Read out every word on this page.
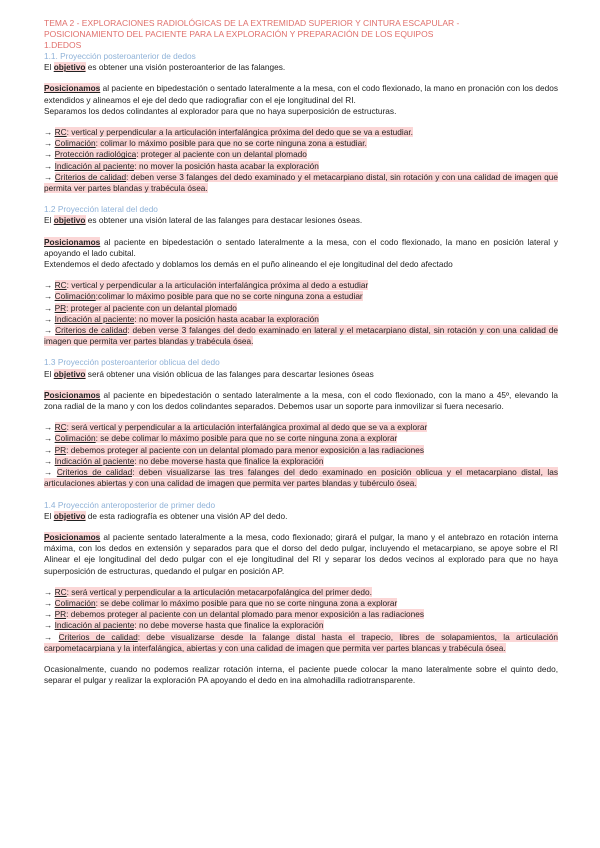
TEMA 2 - EXPLORACIONES RADIOLÓGICAS DE LA EXTREMIDAD SUPERIOR Y CINTURA ESCAPULAR -
POSICIONAMIENTO DEL PACIENTE PARA LA EXPLORACIÓN Y PREPARACIÓN DE LOS EQUIPOS
1.DEDOS
1.1. Proyección posteroanterior de dedos

El objetivo es obtener una visión posteroanterior de las falanges.

Posicionamos al paciente en bipedestación o sentado lateralmente a la mesa, con el codo flexionado, la mano en pronación con los dedos extendidos y alineamos el eje del dedo que radiografiar con el eje longitudinal del RI.

Separamos los dedos colindantes al explorador para que no haya superposición de estructuras.

→ RC: vertical y perpendicular a la articulación interfalángica próxima del dedo que se va a estudiar.

→ Colimación: colimar lo máximo posible para que no se corte ninguna zona a estudiar.

→ Protección radiológica: proteger al paciente con un delantal plomado

→ Indicación al paciente: no mover la posición hasta acabar la exploración

→ Criterios de calidad: deben verse 3 falanges del dedo examinado y el metacarpiano distal, sin rotación y con una calidad de imagen que permita ver partes blandas y trabécula ósea.

1.2 Proyección lateral del dedo

El objetivo es obtener una visión lateral de las falanges para destacar lesiones óseas.

Posicionamos al paciente en bipedestación o sentado lateralmente a la mesa, con el codo flexionado, la mano en posición lateral y apoyando el lado cubital.

Extendemos el dedo afectado y doblamos los demás en el puño alineando el eje longitudinal del dedo afectado

→ RC: vertical y perpendicular a la articulación interfalángica próxima al dedo a estudiar

→ Colimación:colimar lo máximo posible para que no se corte ninguna zona a estudiar

→ PR: proteger al paciente con un delantal plomado

→ Indicación al paciente: no mover la posición hasta acabar la exploración

→ Criterios de calidad: deben verse 3 falanges del dedo examinado en lateral y el metacarpiano distal, sin rotación y con una calidad de imagen que permita ver partes blandas y trabécula ósea.

1.3 Proyección posteroanterior oblicua del dedo

El objetivo será obtener una visión oblicua de las falanges para descartar lesiones óseas

Posicionamos al paciente en bipedestación o sentado lateralmente a la mesa, con el codo flexionado, con la mano a 45º, elevando la zona radial de la mano y con los dedos colindantes separados. Debemos usar un soporte para inmovilizar si fuera necesario.

→ RC: será vertical y perpendicular a la articulación interfalángica proximal al dedo que se va a explorar

→ Colimación: se debe colimar lo máximo posible para que no se corte ninguna zona a explorar

→ PR: debemos proteger al paciente con un delantal plomado para menor exposición a las radiaciones

→ Indicación al paciente: no debe moverse hasta que finalice la exploración

→ Criterios de calidad: deben visualizarse las tres falanges del dedo examinado en posición oblicua y el metacarpiano distal, las articulaciones abiertas y con una calidad de imagen que permita ver partes blandas y tubérculo ósea.

1.4 Proyección anteroposterior de primer dedo

El objetivo de esta radiografía es obtener una visión AP del dedo.

Posicionamos al paciente sentado lateralmente a la mesa, codo flexionado; girará el pulgar, la mano y el antebrazo en rotación interna máxima, con los dedos en extensión y separados para que el dorso del dedo pulgar, incluyendo el metacarpiano, se apoye sobre el RI Alinear el eje longitudinal del dedo pulgar con el eje longitudinal del RI y separar los dedos vecinos al explorado para que no haya superposición de estructuras, quedando el pulgar en posición AP.

→ RC: será vertical y perpendicular a la articulación metacarpofalángica del primer dedo.

→ Colimación: se debe colimar lo máximo posible para que no se corte ninguna zona a explorar

→ PR: debemos proteger al paciente con un delantal plomado para menor exposición a las radiaciones

→ Indicación al paciente: no debe moverse hasta que finalice la exploración

→ Criterios de calidad: debe visualizarse desde la falange distal hasta el trapecio, libres de solapamientos, la articulación carpometacarpiana y la interfalángica, abiertas y con una calidad de imagen que permita ver partes blancas y trabécula ósea.

Ocasionalmente, cuando no podemos realizar rotación interna, el paciente puede colocar la mano lateralmente sobre el quinto dedo, separar el pulgar y realizar la exploración PA apoyando el dedo en ina almohadilla radiotransparente.
